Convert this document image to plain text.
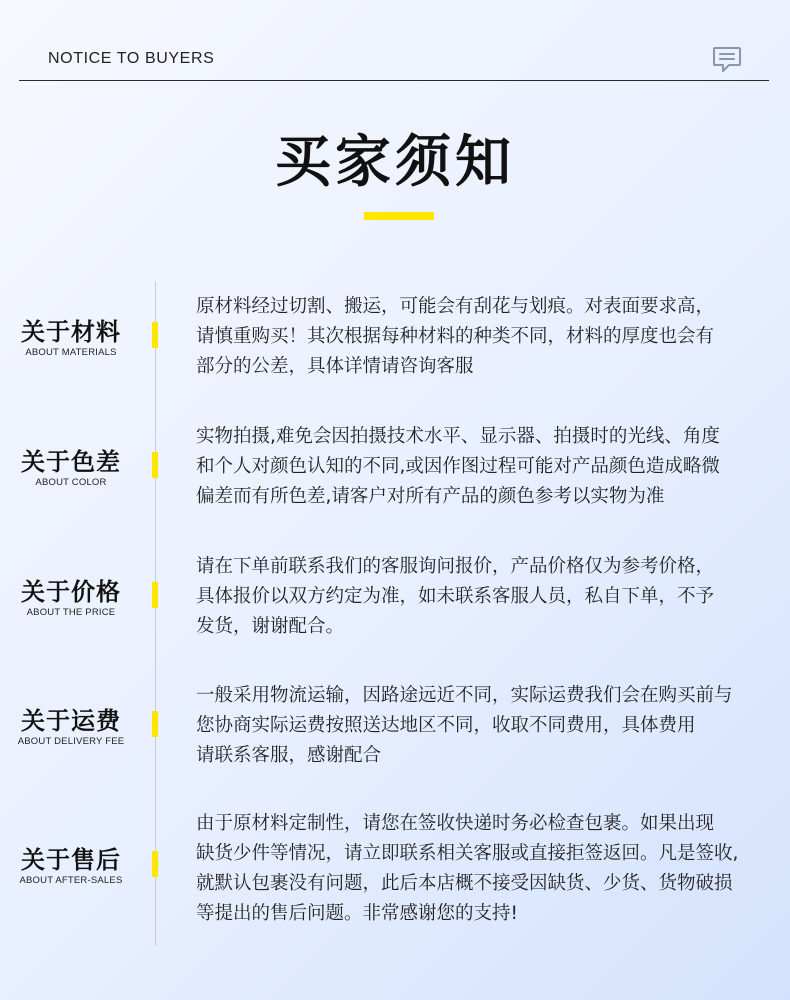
NOTICE TO BUYERS
买家须知
关于材料
ABOUT MATERIALS
原材料经过切割、搬运，可能会有刮花与划痕。对表面要求高，
请慎重购买！其次根据每种材料的种类不同，材料的厚度也会有
部分的公差，具体详情请咨询客服
关于色差
ABOUT COLOR
实物拍摄,难免会因拍摄技术水平、显示器、拍摄时的光线、角度
和个人对颜色认知的不同,或因作图过程可能对产品颜色造成略微
偏差而有所色差,请客户对所有产品的颜色参考以实物为准
关于价格
ABOUT THE PRICE
请在下单前联系我们的客服询问报价，产品价格仅为参考价格，
具体报价以双方约定为准，如未联系客服人员，私自下单，不予
发货，谢谢配合。
关于运费
ABOUT DELIVERY FEE
一般采用物流运输，因路途远近不同，实际运费我们会在购买前与
您协商实际运费按照送达地区不同，收取不同费用，具体费用
请联系客服，感谢配合
关于售后
ABOUT AFTER-SALES
由于原材料定制性，请您在签收快递时务必检查包裹。如果出现
缺货少件等情况，请立即联系相关客服或直接拒签返回。凡是签收,
就默认包裹没有问题，此后本店概不接受因缺货、少货、货物破损
等提出的售后问题。非常感谢您的支持!
